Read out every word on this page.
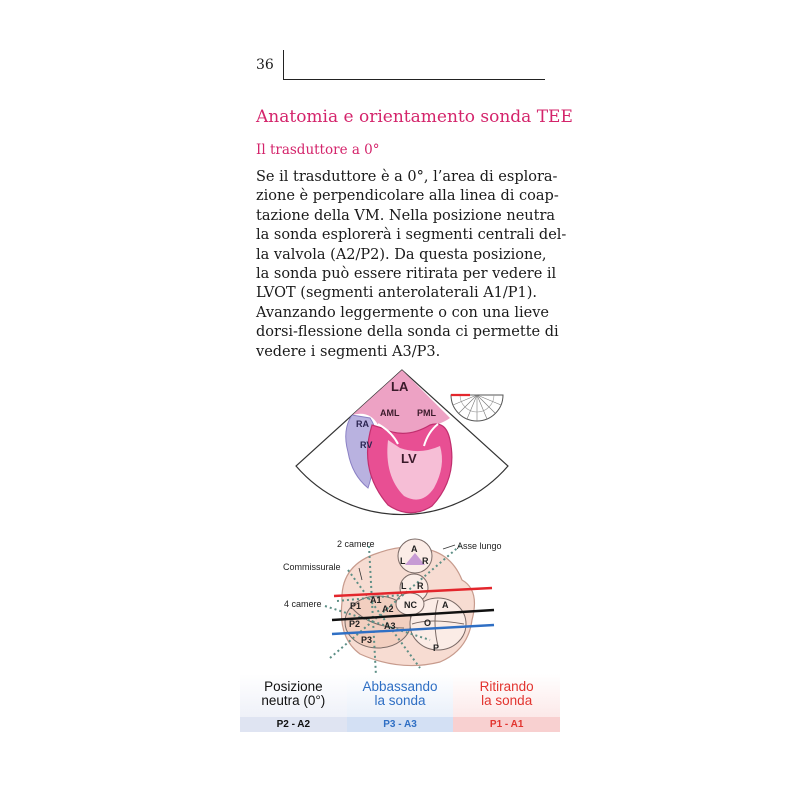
36
Anatomia e orientamento sonda TEE
Il trasduttore a 0°
Se il trasduttore è a 0°, l’area di esplora-
zione è perpendicolare alla linea di coap-
tazione della VM. Nella posizione neutra
la sonda esplorerà i segmenti centrali del-
la valvola (A2/P2). Da questa posizione,
la sonda può essere ritirata per vedere il
LVOT (segmenti anterolaterali A1/P1).
Avanzando leggermente o con una lieve
dorsi-flessione della sonda ci permette di
vedere i segmenti A3/P3.
LA
AML PML
RA
RV
LV
2 camere	Asse lungo
Commissurale
4 camere
A
L R
L R
NC	A
O
P
P1
A1
A2
P2	A3
P3
Posizione
neutra (0°)
P2 - A2
Abbassando
la sonda
P3 - A3
Ritirando
la sonda
P1 - A1
